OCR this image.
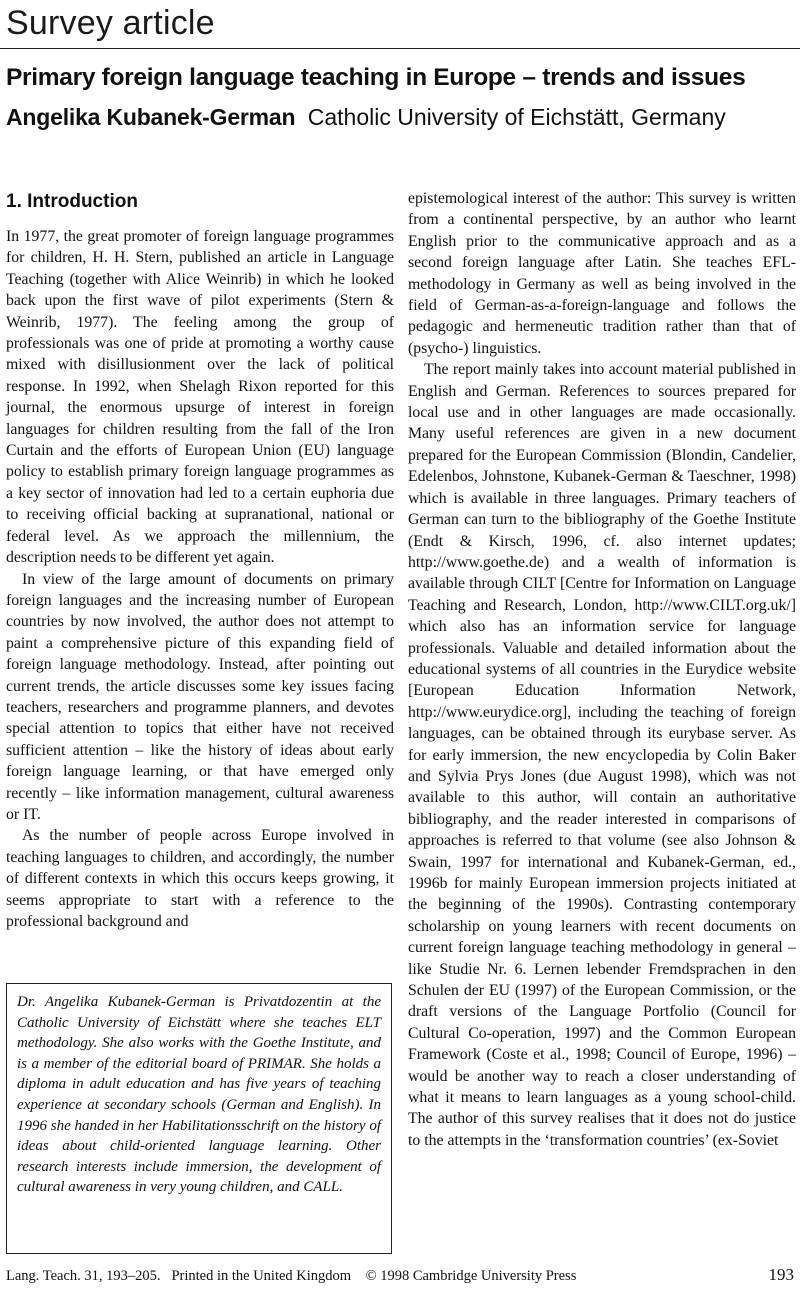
Survey article
Primary foreign language teaching in Europe – trends and issues
Angelika Kubanek-German Catholic University of Eichstätt, Germany
1. Introduction

In 1977, the great promoter of foreign language programmes for children, H. H. Stern, published an article in Language Teaching (together with Alice Weinrib) in which he looked back upon the first wave of pilot experiments (Stern & Weinrib, 1977). The feeling among the group of professionals was one of pride at promoting a worthy cause mixed with disillusionment over the lack of political response. In 1992, when Shelagh Rixon reported for this journal, the enormous upsurge of interest in foreign languages for children resulting from the fall of the Iron Curtain and the efforts of European Union (EU) language policy to establish primary foreign language programmes as a key sector of innovation had led to a certain euphoria due to receiving official backing at supranational, national or federal level. As we approach the millennium, the description needs to be different yet again.

In view of the large amount of documents on primary foreign languages and the increasing number of European countries by now involved, the author does not attempt to paint a comprehensive picture of this expanding field of foreign language methodology. Instead, after pointing out current trends, the article discusses some key issues facing teachers, researchers and programme planners, and devotes special attention to topics that either have not received sufficient attention – like the history of ideas about early foreign language learning, or that have emerged only recently – like information management, cultural awareness or IT.

As the number of people across Europe involved in teaching languages to children, and accordingly, the number of different contexts in which this occurs keeps growing, it seems appropriate to start with a reference to the professional background and

Dr. Angelika Kubanek-German is Privatdozentin at the Catholic University of Eichstätt where she teaches ELT methodology. She also works with the Goethe Institute, and is a member of the editorial board of PRIMAR. She holds a diploma in adult education and has five years of teaching experience at secondary schools (German and English). In 1996 she handed in her Habilitationsschrift on the history of ideas about child-oriented language learning. Other research interests include immersion, the development of cultural awareness in very young children, and CALL.

epistemological interest of the author: This survey is written from a continental perspective, by an author who learnt English prior to the communicative approach and as a second foreign language after Latin. She teaches EFL-methodology in Germany as well as being involved in the field of German-as-a-foreign-language and follows the pedagogic and hermeneutic tradition rather than that of (psycho-) linguistics.

The report mainly takes into account material published in English and German. References to sources prepared for local use and in other languages are made occasionally. Many useful references are given in a new document prepared for the European Commission (Blondin, Candelier, Edelenbos, Johnstone, Kubanek-German & Taeschner, 1998) which is available in three languages. Primary teachers of German can turn to the bibliography of the Goethe Institute (Endt & Kirsch, 1996, cf. also internet updates; http://www.goethe.de) and a wealth of information is available through CILT [Centre for Information on Language Teaching and Research, London, http://www.CILT.org.uk/] which also has an information service for language professionals. Valuable and detailed information about the educational systems of all countries in the Eurydice website [European Education Information Network, http://www.eurydice.org], including the teaching of foreign languages, can be obtained through its eurybase server. As for early immersion, the new encyclopedia by Colin Baker and Sylvia Prys Jones (due August 1998), which was not available to this author, will contain an authoritative bibliography, and the reader interested in comparisons of approaches is referred to that volume (see also Johnson & Swain, 1997 for international and Kubanek-German, ed., 1996b for mainly European immersion projects initiated at the beginning of the 1990s). Contrasting contemporary scholarship on young learners with recent documents on current foreign language teaching methodology in general – like Studie Nr. 6. Lernen lebender Fremdsprachen in den Schulen der EU (1997) of the European Commission, or the draft versions of the Language Portfolio (Council for Cultural Co-operation, 1997) and the Common European Framework (Coste et al., 1998; Council of Europe, 1996) – would be another way to reach a closer understanding of what it means to learn languages as a young school-child. The author of this survey realises that it does not do justice to the attempts in the ‘transformation countries’ (ex-Soviet

Lang. Teach. 31, 193–205. Printed in the United Kingdom © 1998 Cambridge University Press	193
